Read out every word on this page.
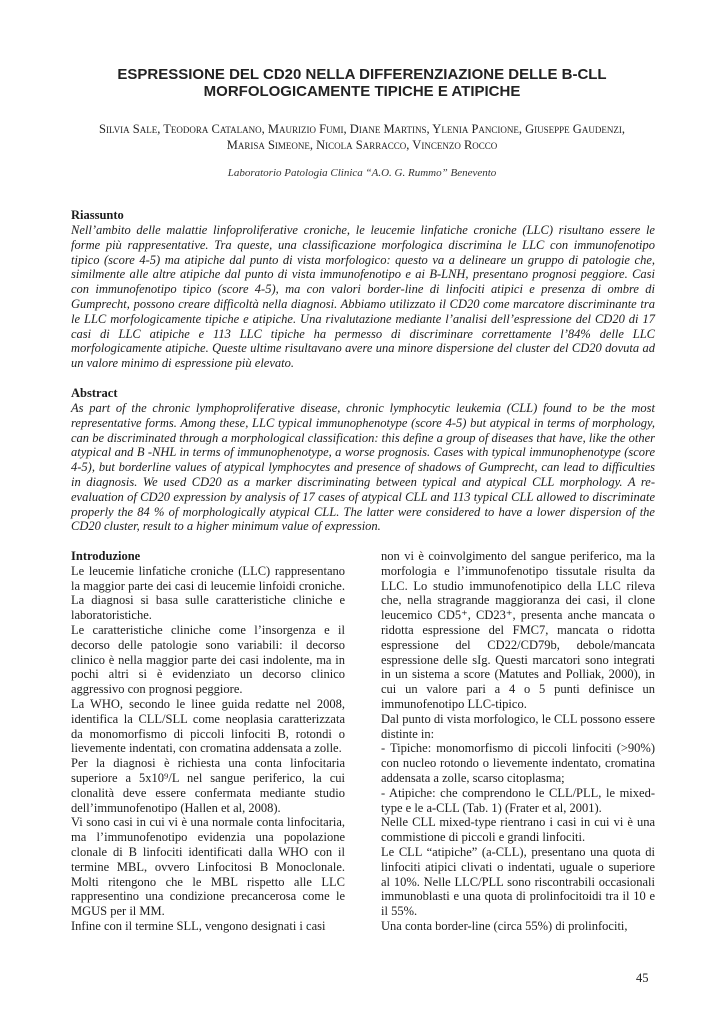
ESPRESSIONE DEL CD20 NELLA DIFFERENZIAZIONE DELLE B-CLL
MORFOLOGICAMENTE TIPICHE E ATIPICHE
Silvia Sale, Teodora Catalano, Maurizio Fumi, Diane Martins, Ylenia Pancione, Giuseppe Gaudenzi,
Marisa Simeone, Nicola Sarracco, Vincenzo Rocco
Laboratorio Patologia Clinica “A.O. G. Rummo” Benevento
Riassunto
Nell’ambito delle malattie linfoproliferative croniche, le leucemie linfatiche croniche (LLC) risultano essere le forme più rappresentative. Tra queste, una classificazione morfologica discrimina le LLC con immunofenotipo tipico (score 4-5) ma atipiche dal punto di vista morfologico: questo va a delineare un gruppo di patologie che, similmente alle altre atipiche dal punto di vista immunofenotipo e ai B-LNH, presentano prognosi peggiore. Casi con immunofenotipo tipico (score 4-5), ma con valori border-line di linfociti atipici e presenza di ombre di Gumprecht, possono creare difficoltà nella diagnosi. Abbiamo utilizzato il CD20 come marcatore discriminante tra le LLC morfologicamente tipiche e atipiche. Una rivalutazione mediante l’analisi dell’espressione del CD20 di 17 casi di LLC atipiche e 113 LLC tipiche ha permesso di discriminare correttamente l’84% delle LLC morfologicamente atipiche. Queste ultime risultavano avere una minore dispersione del cluster del CD20 dovuta ad un valore minimo di espressione più elevato.
Abstract
As part of the chronic lymphoproliferative disease, chronic lymphocytic leukemia (CLL) found to be the most representative forms. Among these, LLC typical immunophenotype (score 4-5) but atypical in terms of morphology, can be discriminated through a morphological classification: this define a group of diseases that have, like the other atypical and B -NHL in terms of immunophenotype, a worse prognosis. Cases with typical immunophenotype (score 4-5), but borderline values of atypical lymphocytes and presence of shadows of Gumprecht, can lead to difficulties in diagnosis. We used CD20 as a marker discriminating between typical and atypical CLL morphology. A re-evaluation of CD20 expression by analysis of 17 cases of atypical CLL and 113 typical CLL allowed to discriminate properly the 84 % of morphologically atypical CLL. The latter were considered to have a lower dispersion of the CD20 cluster, result to a higher minimum value of expression.

Introduzione

Le leucemie linfatiche croniche (LLC) rappresentano la maggior parte dei casi di leucemie linfoidi croniche. La diagnosi si basa sulle caratteristiche cliniche e laboratoristiche.

Le caratteristiche cliniche come l’insorgenza e il decorso delle patologie sono variabili: il decorso clinico è nella maggior parte dei casi indolente, ma in pochi altri si è evidenziato un decorso clinico aggressivo con prognosi peggiore.

La WHO, secondo le linee guida redatte nel 2008, identifica la CLL/SLL come neoplasia caratterizzata da monomorfismo di piccoli linfociti B, rotondi o lievemente indentati, con cromatina addensata a zolle.

Per la diagnosi è richiesta una conta linfocitaria superiore a 5x10⁹/L nel sangue periferico, la cui clonalità deve essere confermata mediante studio dell’immunofenotipo (Hallen et al, 2008).

Vi sono casi in cui vi è una normale conta linfocitaria, ma l’immunofenotipo evidenzia una popolazione clonale di B linfociti identificati dalla WHO con il termine MBL, ovvero Linfocitosi B Monoclonale. Molti ritengono che le MBL rispetto alle LLC rappresentino una condizione precancerosa come le MGUS per il MM.

Infine con il termine SLL, vengono designati i casi

non vi è coinvolgimento del sangue periferico, ma la morfologia e l’immunofenotipo tissutale risulta da LLC. Lo studio immunofenotipico della LLC rileva che, nella stragrande maggioranza dei casi, il clone leucemico CD5⁺, CD23⁺, presenta anche mancata o ridotta espressione del FMC7, mancata o ridotta espressione del CD22/CD79b, debole/mancata espressione delle sIg. Questi marcatori sono integrati in un sistema a score (Matutes and Polliak, 2000), in cui un valore pari a 4 o 5 punti definisce un immunofenotipo LLC-tipico.

Dal punto di vista morfologico, le CLL possono essere distinte in:

- Tipiche: monomorfismo di piccoli linfociti (>90%) con nucleo rotondo o lievemente indentato, cromatina addensata a zolle, scarso citoplasma;

- Atipiche: che comprendono le CLL/PLL, le mixed-type e le a-CLL (Tab. 1) (Frater et al, 2001).

Nelle CLL mixed-type rientrano i casi in cui vi è una commistione di piccoli e grandi linfociti.

Le CLL “atipiche” (a-CLL), presentano una quota di linfociti atipici clivati o indentati, uguale o superiore al 10%. Nelle LLC/PLL sono riscontrabili occasionali immunoblasti e una quota di prolinfocitoidi tra il 10 e il 55%.

Una conta border-line (circa 55%) di prolinfociti,

45
